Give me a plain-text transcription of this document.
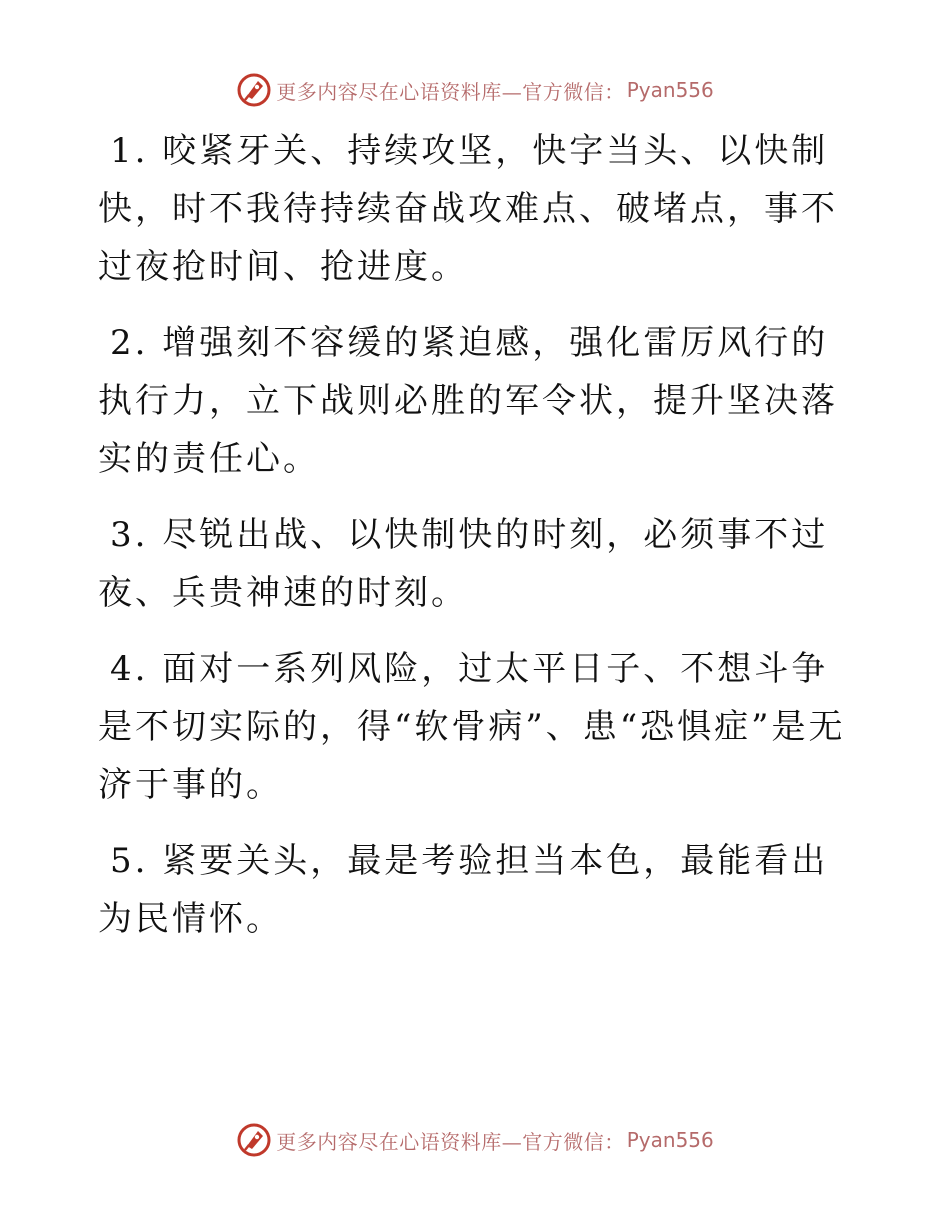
更多内容尽在心语资料库—官方微信： Pyan556

1. 咬紧牙关、持续攻坚，快字当头、以快制快，时不我待持续奋战攻难点、破堵点，事不过夜抢时间、抢进度。

2. 增强刻不容缓的紧迫感，强化雷厉风行的执行力，立下战则必胜的军令状，提升坚决落实的责任心。

3. 尽锐出战、以快制快的时刻，必须事不过夜、兵贵神速的时刻。

4. 面对一系列风险，过太平日子、不想斗争是不切实际的，得“软骨病”、患“恐惧症”是无济于事的。

5. 紧要关头，最是考验担当本色，最能看出为民情怀。

更多内容尽在心语资料库—官方微信： Pyan556
